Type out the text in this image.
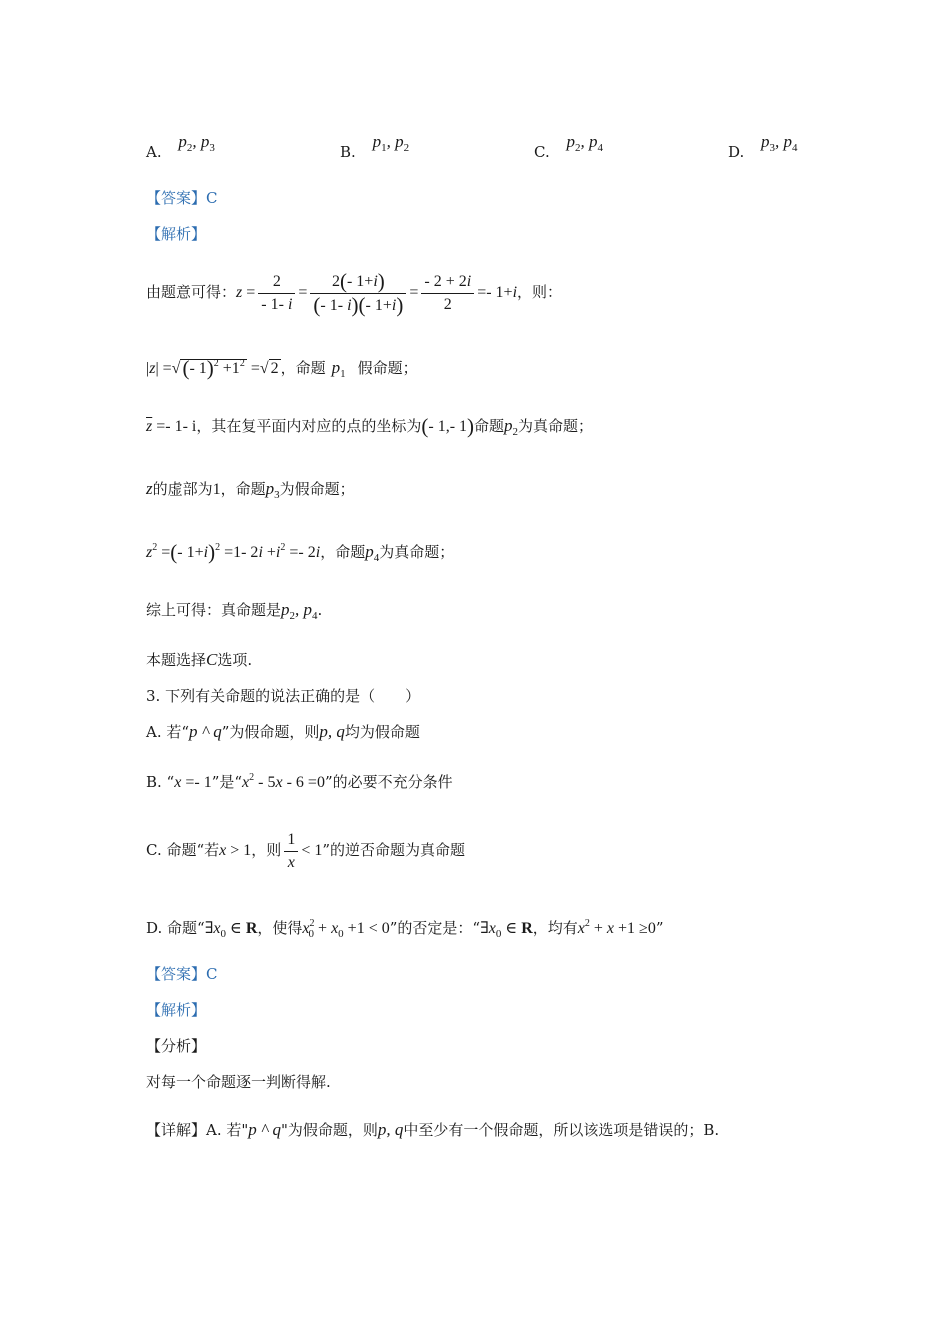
A. $p_2$, $p_3$	B. $p_1$, $p_2$	C. $p_2$, $p_4$	D. $p_3$, $p_4$
【答案】C
【解析】
由题意可得：$z = \frac{2}{- 1- i} = \frac{2(- 1+i)}{(- 1- i)(- 1+i)} = \frac{- 2 + 2i}{2} =- 1+i$，则：
|z| =√(- $1)^2 +1^2$ =√ 2 ，命题 $p_1$ 假命题；
$\overline{z} =- 1-$ i，其在复平面内对应的点的坐标为(- 1,- 1)命题$p_2$为真命题；
z的虚部为1，命题$p_3$为假命题；
$z^2$ =(- 1+i)$^2$ =1- $2i +i^2 =- 2i$，命题$p_4$为真命题；
综上可得：真命题是$p_2$, $p_4$.
本题选择C选项.
3. 下列有关命题的说法正确的是（　　）
A. 若“p ^ q”为假命题，则p, q均为假命题
B. “x =- 1”是“$x^2 - 5x - 6 =0$”的必要不充分条件
C. 命题“若x > 1，则 $\frac{1}{x} < 1$”的逆否命题为真命题
D. 命题“$\exists x_0$ ∈ R，使得$x^2_0 + x_0 +1 < 0$”的否定是：“$\exists x_0$ ∈ R，均有$x^2 + x +1 \ge 0$”
【答案】C
【解析】
【分析】
对每一个命题逐一判断得解.
【详解】A. 若"p ^ q"为假命题，则p, q中至少有一个假命题，所以该选项是错误的；B.
